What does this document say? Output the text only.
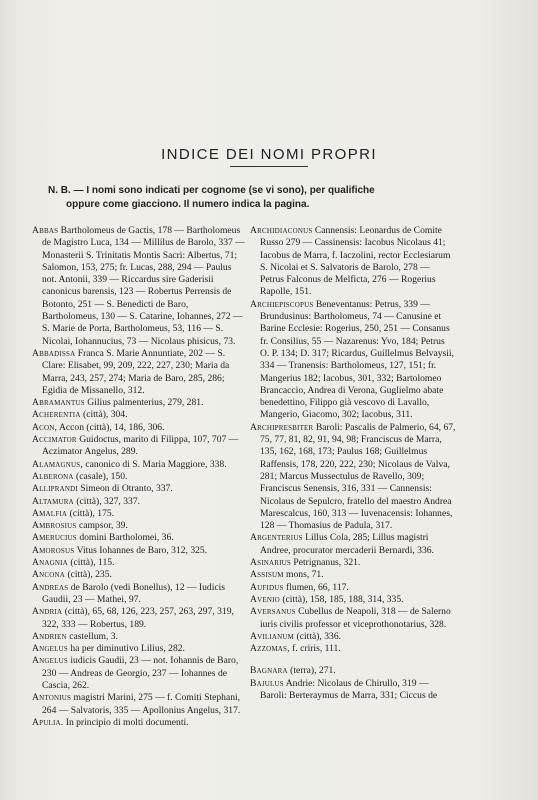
INDICE DEI NOMI PROPRI
N. B. — I nomi sono indicati per cognome (se vi sono), per qualifiche
oppure come giacciono. Il numero indica la pagina.

Abbas Bartholomeus de Gactis, 178 — Bartholomeus de Magistro Luca, 134 — Millilus de Barolo, 337 — Monasterii S. Trinitatis Montis Sacri: Albertus, 71; Salomon, 153, 275; fr. Lucas, 288, 294 — Paulus not. Antonii, 339 — Riccardus sire Gaderisii canonicus barensis, 123 — Robertus Perrensis de Botonto, 251 — S. Benedicti de Baro, Bartholomeus, 130 — S. Catarine, Iohannes, 272 — S. Marie de Porta, Bartholomeus, 53, 116 — S. Nicolai, Iohannucius, 73 — Nicolaus phisicus, 73.

Abbadissa Franca S. Marie Annuntiate, 202 — S. Clare: Elisabet, 99, 209, 222, 227, 230; Maria da Marra, 243, 257, 274; Maria de Baro, 285, 286; Egidia de Missanello, 312.

Abramantus Gilius palmenterius, 279, 281.

Acherentia (città), 304.

Acon, Accon (città), 14, 186, 306.

Accimator Guidoctus, marito di Filippa, 107, 707 — Aczimator Angelus, 289.

Alamagnus, canonico di S. Maria Maggiore, 338.

Alberona (casale), 150.

Alliprandi Simeon di Otranto, 337.

Altamura (città), 327, 337.

Amalfia (città), 175.

Ambrosius campsor, 39.

Amerucius domini Bartholomei, 36.

Amorosus Vitus Iohannes de Baro, 312, 325.

Anagnia (città), 115.

Ancona (città), 235.

Andreas de Barolo (vedi Bonellus), 12 — Iudicis Gaudii, 23 — Mathei, 97.

Andria (città), 65, 68, 126, 223, 257, 263, 297, 319, 322, 333 — Robertus, 189.

Andrien castellum, 3.

Angelus ha per diminutivo Lilius, 282.

Angelus iudicis Gaudii, 23 — not. Iohannis de Baro, 230 — Andreas de Georgio, 237 — Iohannes de Cascia, 262.

Antonius magistri Marini, 275 — f. Comiti Stephani, 264 — Salvatoris, 335 — Apollonius Angelus, 317.

Apulia. In principio di molti documenti.

Archidiaconus Cannensis: Leonardus de Comite Russo 279 — Cassinensis: Iacobus Nicolaus 41; Iacobus de Marra, f. Iaczolini, rector Ecclesiarum S. Nicolai et S. Salvatoris de Barolo, 278 — Petrus Falconus de Melficta, 276 — Rogerius Rapolle, 151.

Archiepiscopus Beneventanus: Petrus, 339 — Brundusinus: Bartholomeus, 74 — Canusine et Barine Ecclesie: Rogerius, 250, 251 — Consanus fr. Consilius, 55 — Nazarenus: Yvo, 184; Petrus O. P. 134; D. 317; Ricardus, Guillelmus Belvaysii, 334 — Tranensis: Bartholomeus, 127, 151; fr. Mangerius 182; Iacobus, 301, 332; Bartolomeo Brancaccio, Andrea di Verona, Guglielmo abate benedettino, Filippo già vescovo di Lavallo, Mangerio, Giacomo, 302; Iacobus, 311.

Archipresbiter Baroli: Pascalis de Palmerio, 64, 67, 75, 77, 81, 82, 91, 94, 98; Franciscus de Marra, 135, 162, 168, 173; Paulus 168; Guillelmus Raffensis, 178, 220, 222, 230; Nicolaus de Valva, 281; Marcus Mussectulus de Ravello, 309; Franciscus Senensis, 316, 331 — Cannensis: Nicolaus de Sepulcro, fratello del maestro Andrea Marescalcus, 160, 313 — Iuvenacensis: Iohannes, 128 — Thomasius de Padula, 317.

Argenterius Lillus Cola, 285; Lillus magistri Andree, procurator mercaderii Bernardi, 336.

Asinarius Petrignanus, 321.

Assisum mons, 71.

Aufidus flumen, 66, 117.

Avenio (città), 158, 185, 188, 314, 335.

Aversanus Cubellus de Neapoli, 318 — de Salerno iuris civilis professor et viceprothonotarius, 328.

Avilianum (città), 336.

Azzomas, f. criris, 111.

Bagnara (terra), 271.

Bajulus Andrie: Nicolaus de Chirullo, 319 — Baroli: Berteraymus de Marra, 331; Ciccus de
